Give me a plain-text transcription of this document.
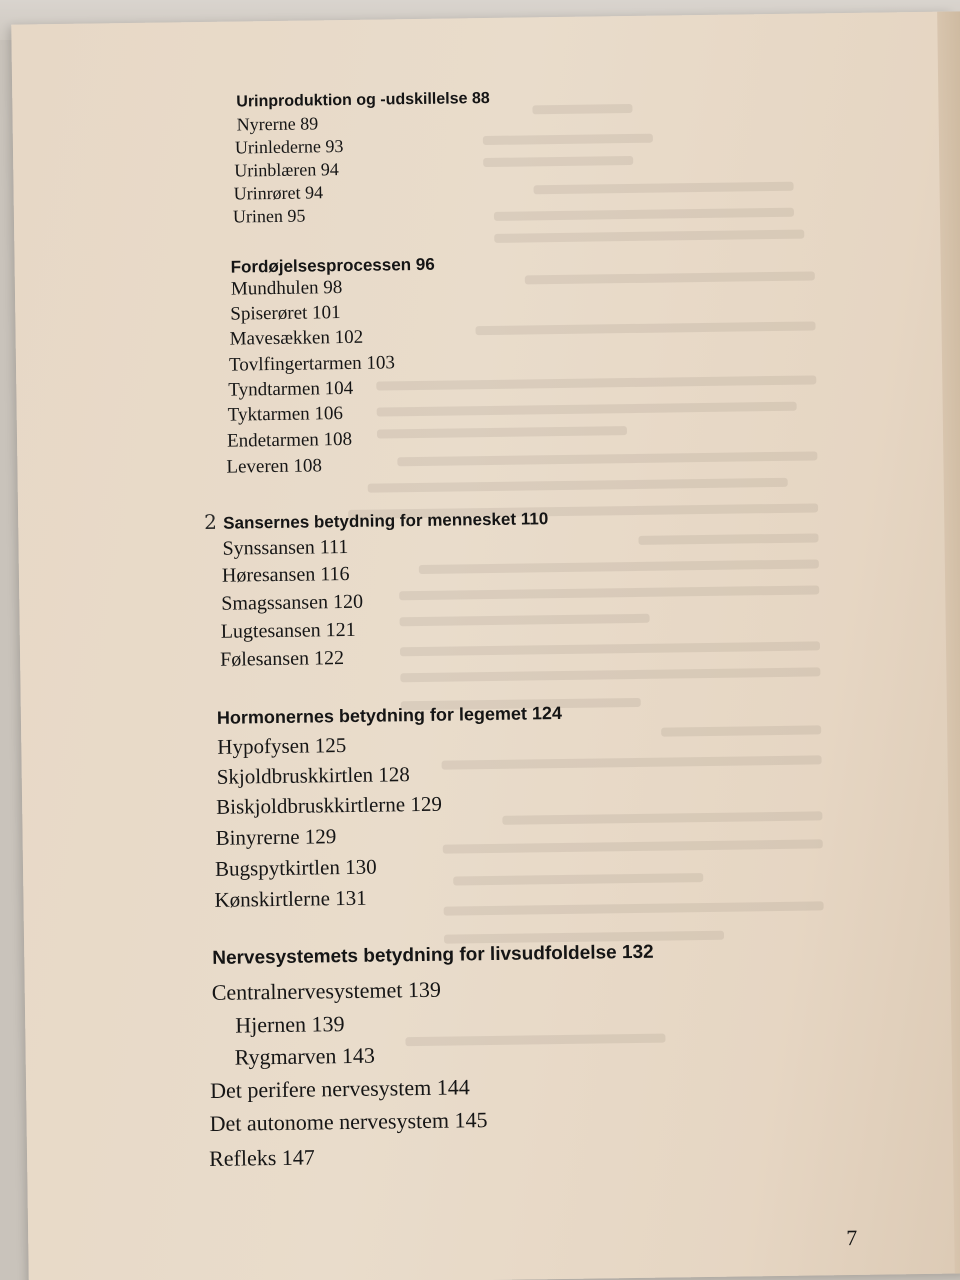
Urinproduktion og -udskillelse 88
Nyrerne 89
Urinlederne 93
Urinblæren 94
Urinrøret 94
Urinen 95
Fordøjelsesprocessen 96
Mundhulen 98
Spiserøret 101
Mavesækken 102
Tovlfingertarmen 103
Tyndtarmen 104
Tyktarmen 106
Endetarmen 108
Leveren 108
2 Sansernes betydning for mennesket 110
Synssansen 111
Høresansen 116
Smagssansen 120
Lugtesansen 121
Følesansen 122
Hormonernes betydning for legemet 124
Hypofysen 125
Skjoldbruskkirtlen 128
Biskjoldbruskkirtlerne 129
Binyrerne 129
Bugspytkirtlen 130
Kønskirtlerne 131
Nervesystemets betydning for livsudfoldelse 132
Centralnervesystemet 139
Hjernen 139
Rygmarven 143
Det perifere nervesystem 144
Det autonome nervesystem 145
Refleks 147
7
